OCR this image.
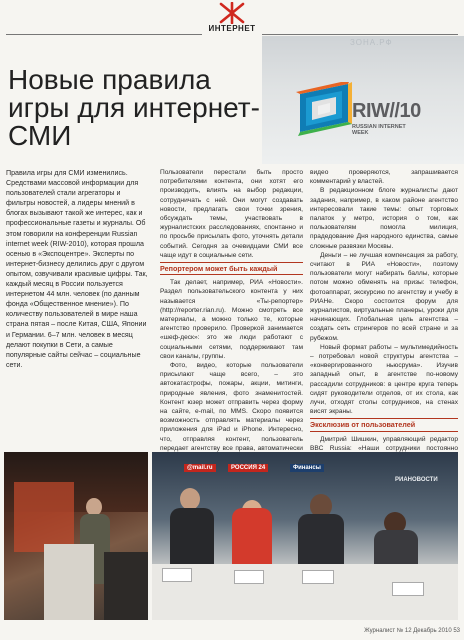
ИНТЕРНЕТ
ЗОНА.РФ
RIW//10
RUSSIAN INTERNET WEEK
Новые правила игры для интернет-СМИ

Правила игры для СМИ изменились. Средствами массовой информации для пользователей стали агрегаторы и фильтры новостей, а лидеры мнений в блогах вызывают такой же интерес, как и профессиональные газеты и журналы. Об этом говорили на конференции Russian internet week (RIW-2010), которая прошла осенью в «Экспоцентре». Эксперты по интернет-бизнесу делились друг с другом опытом, озвучивали красивые цифры. Так, каждый месяц в России пользуется интернетом 44 млн. человек (по данным фонда «Общественное мнение»). По количеству пользователей в мире наша страна пятая – после Китая, США, Японии и Германии. 6–7 млн. человек в месяц делают покупки в Сети, а самые популярные сайты сейчас – социальные сети.

Пользователи перестали быть просто потребителями контента, они хотят его производить, влиять на выбор редакции, сотрудничать с ней. Они могут создавать новости, предлагать свои точки зрения, обсуждать темы, участвовать в журналистских расследованиях, спонтанно и по просьбе присылать фото, уточнять детали событий. Сегодня за очевидцами СМИ все чаще идут в социальные сети.

Репортером может быть каждый

Так делает, например, РИА «Новости». Раздел пользовательского контента у них называется «Ты-репортер» (http://reporter.rian.ru). Можно смотреть все материалы, а можно только те, которые агентство проверило. Проверкой занимается «шеф-деск»: это же люди работают с социальными сетями, поддерживают там свои каналы, группы.

Фото, видео, которые пользователи присылают чаще всего, – это автокатастрофы, пожары, акции, митинги, природные явления, фото знаменитостей. Контент юзер может отправить через форму на сайте, e-mail, по MMS. Скоро появится возможность отправлять материалы через приложения для iPad и iPhone. Интересно, что, отправляя контент, пользователь передает агентству все права, автоматически

видео проверяются, запрашивается комментарий у властей.

В редакционном блоге журналисты дают задания, например, в каком районе агентство интересовали такие темы: опыт торговых палаток у метро, история о том, как пользователям помогла милиция, прадедование Дня народного единства, самые сложные развязки Москвы.

Деньги – не лучшая компенсация за работу, считают в РИА «Новости», поэтому пользователи могут набирать баллы, которые потом можно обменять на призы: телефон, фотоаппарат, экскурсию по агентству и учебу в РИАНе. Скоро состоится форум для журналистов, виртуальные планеры, уроки для начинающих. Глобальная цель агентства – создать сеть стрингеров по всей стране и за рубежом.

Новый формат работы – мультимедийность – потребовал новой структуры агентства – «конвергированного ньюсрума». Изучив западный опыт, в агентстве по-новому рассадили сотрудников: в центре круга теперь сидят руководители отделов, от их стола, как лучи, отходят столы сотрудников, на стенах висят экраны.

Эксклюзив от пользователей

Дмитрий Шишкин, управляющий редактор ВВС Russia: «Наши сотрудники постоянно

@mail.ru	РОССИЯ 24	Финансы
РИАНОВОСТИ
Журналист № 12 Декабрь 2010 53
